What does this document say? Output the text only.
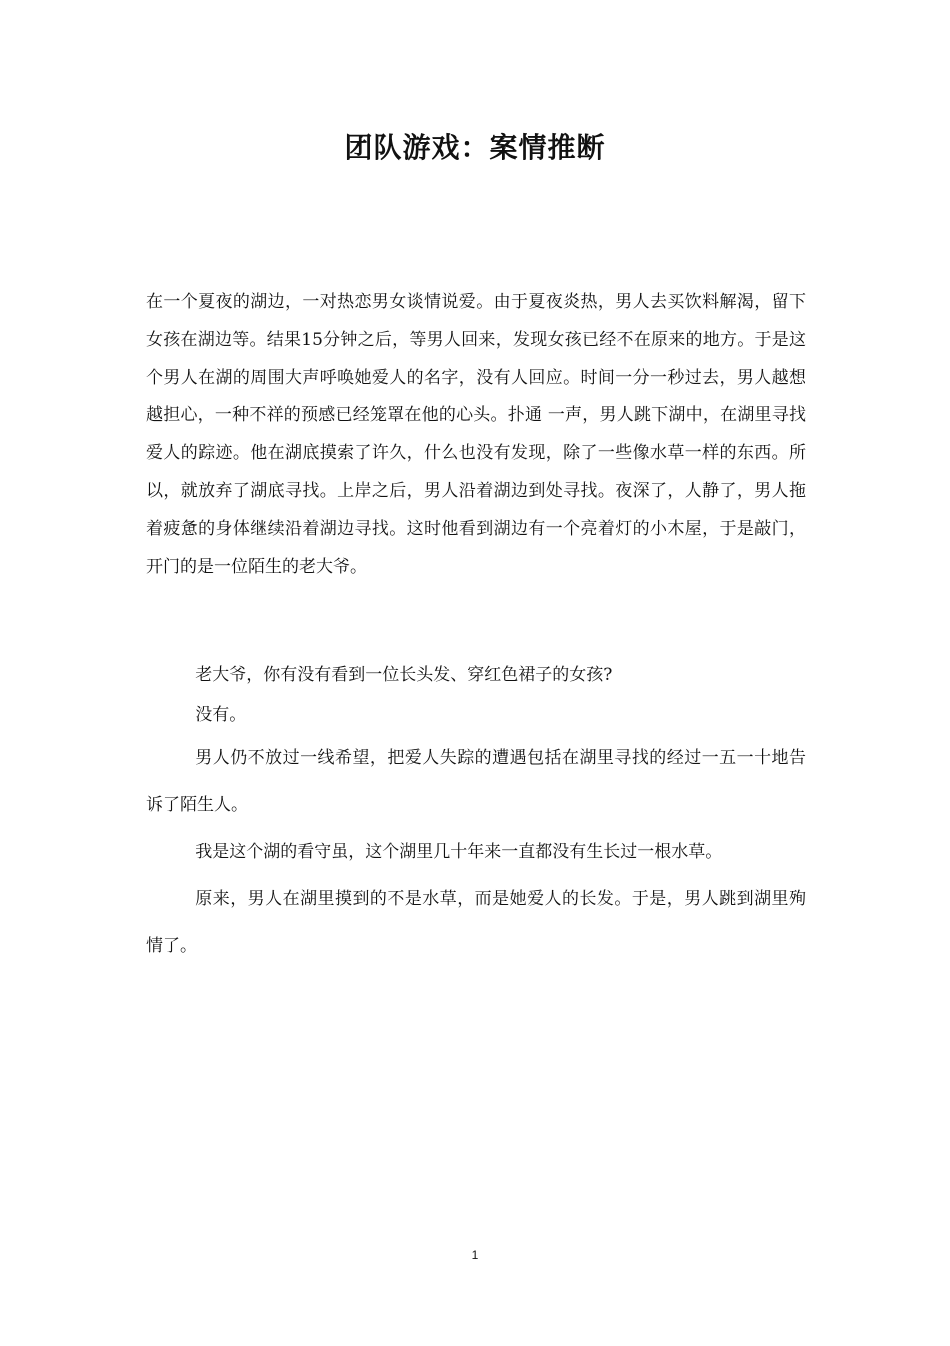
团队游戏：案情推断

在一个夏夜的湖边，一对热恋男女谈情说爱。由于夏夜炎热，男人去买饮料解渴，留下女孩在湖边等。结果15分钟之后，等男人回来，发现女孩已经不在原来的地方。于是这个男人在湖的周围大声呼唤她爱人的名字，没有人回应。时间一分一秒过去，男人越想越担心，一种不祥的预感已经笼罩在他的心头。扑通 一声，男人跳下湖中，在湖里寻找爱人的踪迹。他在湖底摸索了许久，什么也没有发现，除了一些像水草一样的东西。所以，就放弃了湖底寻找。上岸之后，男人沿着湖边到处寻找。夜深了，人静了，男人拖着疲惫的身体继续沿着湖边寻找。这时他看到湖边有一个亮着灯的小木屋，于是敲门，开门的是一位陌生的老大爷。

老大爷，你有没有看到一位长头发、穿红色裙子的女孩?

没有。

男人仍不放过一线希望，把爱人失踪的遭遇包括在湖里寻找的经过一五一十地告诉了陌生人。

我是这个湖的看守虽，这个湖里几十年来一直都没有生长过一根水草。

原来，男人在湖里摸到的不是水草，而是她爱人的长发。于是，男人跳到湖里殉情了。

1
